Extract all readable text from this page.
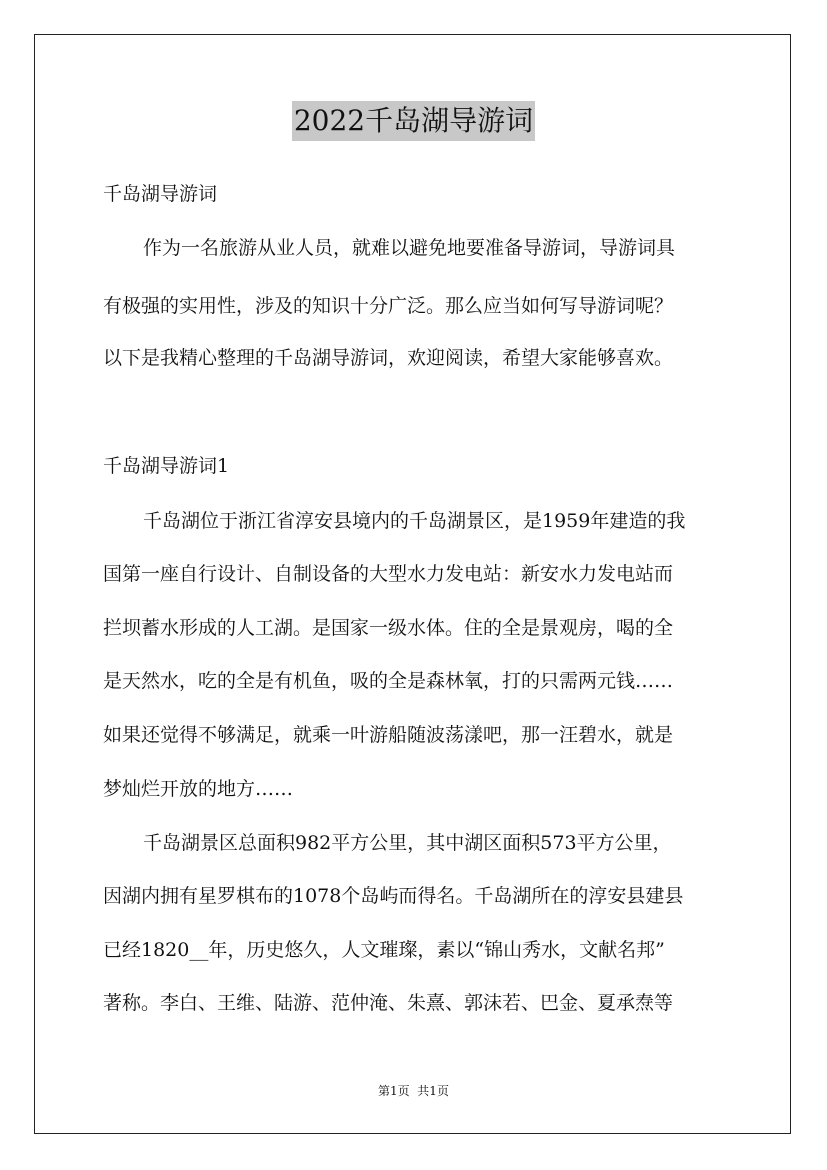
2022千岛湖导游词
千岛湖导游词
作为一名旅游从业人员，就难以避免地要准备导游词，导游词具
有极强的实用性，涉及的知识十分广泛。那么应当如何写导游词呢？
以下是我精心整理的千岛湖导游词，欢迎阅读，希望大家能够喜欢。
千岛湖导游词1
千岛湖位于浙江省淳安县境内的千岛湖景区，是1959年建造的我
国第一座自行设计、自制设备的大型水力发电站：新安水力发电站而
拦坝蓄水形成的人工湖。是国家一级水体。住的全是景观房，喝的全
是天然水，吃的全是有机鱼，吸的全是森林氧，打的只需两元钱……
如果还觉得不够满足，就乘一叶游船随波荡漾吧，那一汪碧水，就是
梦灿烂开放的地方……
千岛湖景区总面积982平方公里，其中湖区面积573平方公里，
因湖内拥有星罗棋布的1078个岛屿而得名。千岛湖所在的淳安县建县
已经1820__年，历史悠久，人文璀璨，素以“锦山秀水，文献名邦”
著称。李白、王维、陆游、范仲淹、朱熹、郭沫若、巴金、夏承焘等
第1页  共1页
